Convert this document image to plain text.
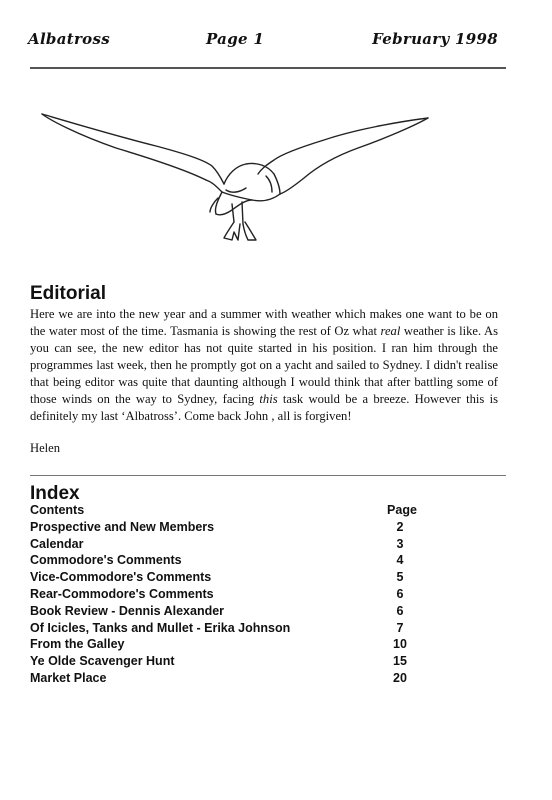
Albatross	Page 1	February 1998
Editorial

Here we are into the new year and a summer with weather which makes one want to be on the water most of the time. Tasmania is showing the rest of Oz what real weather is like. As you can see, the new editor has not quite started in his position. I ran him through the programmes last week, then he promptly got on a yacht and sailed to Sydney. I didn't realise that being editor was quite that daunting although I would think that after battling some of those winds on the way to Sydney, facing this task would be a breeze. However this is definitely my last ‘Albatross’. Come back John , all is forgiven!

Helen
Index
Contents	Page
Prospective and New Members	2
Calendar	3
Commodore's Comments	4
Vice-Commodore's Comments	5
Rear-Commodore's Comments	6
Book Review - Dennis Alexander	6
Of Icicles, Tanks and Mullet - Erika Johnson	7
From the Galley	10
Ye Olde Scavenger Hunt	15
Market Place	20
